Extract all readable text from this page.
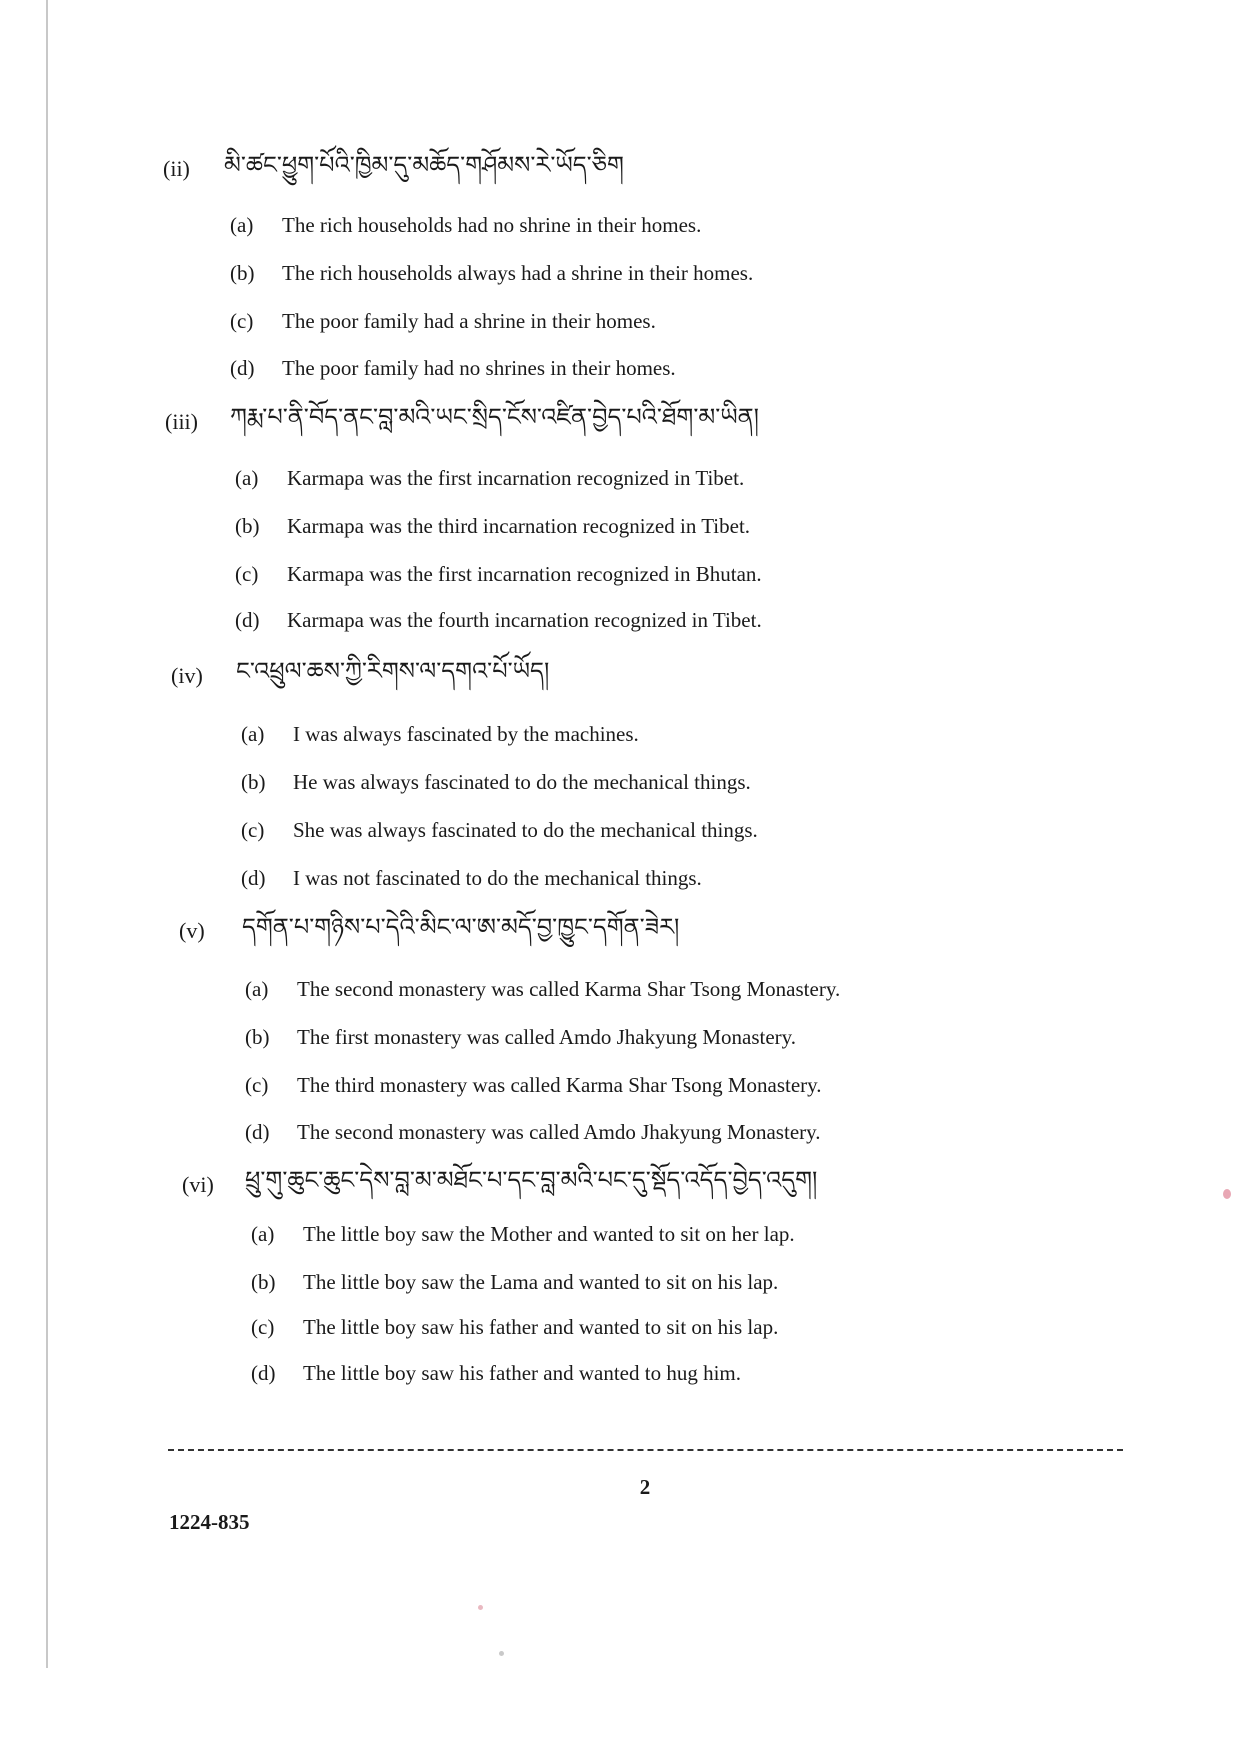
(ii) མི་ཚང་ཕྱུག་པོའི་ཁྱིམ་དུ་མཆོད་གཤོམས་རེ་ཡོད་ཅིག
(a) The rich households had no shrine in their homes.
(b) The rich households always had a shrine in their homes.
(c) The poor family had a shrine in their homes.
(d) The poor family had no shrines in their homes.
(iii) ཀརྨ་པ་ནི་བོད་ནང་བླ་མའི་ཡང་སྲིད་ངོས་འཛིན་བྱེད་པའི་ཐོག་མ་ཡིན།
(a) Karmapa was the first incarnation recognized in Tibet.
(b) Karmapa was the third incarnation recognized in Tibet.
(c) Karmapa was the first incarnation recognized in Bhutan.
(d) Karmapa was the fourth incarnation recognized in Tibet.
(iv) ང་འཕྲུལ་ཆས་ཀྱི་རིགས་ལ་དགའ་པོ་ཡོད།
(a) I was always fascinated by the machines.
(b) He was always fascinated to do the mechanical things.
(c) She was always fascinated to do the mechanical things.
(d) I was not fascinated to do the mechanical things.
(v) དགོན་པ་གཉིས་པ་དེའི་མིང་ལ་ཨ་མདོ་བྱ་ཁྱུང་དགོན་ཟེར།
(a) The second monastery was called Karma Shar Tsong Monastery.
(b) The first monastery was called Amdo Jhakyung Monastery.
(c) The third monastery was called Karma Shar Tsong Monastery.
(d) The second monastery was called Amdo Jhakyung Monastery.
(vi) ཕྲུ་གུ་ཆུང་ཆུང་དེས་བླ་མ་མཐོང་པ་དང་བླ་མའི་པང་དུ་སྡོད་འདོད་བྱེད་འདུག།
(a) The little boy saw the Mother and wanted to sit on her lap.
(b) The little boy saw the Lama and wanted to sit on his lap.
(c) The little boy saw his father and wanted to sit on his lap.
(d) The little boy saw his father and wanted to hug him.
2
1224-835
